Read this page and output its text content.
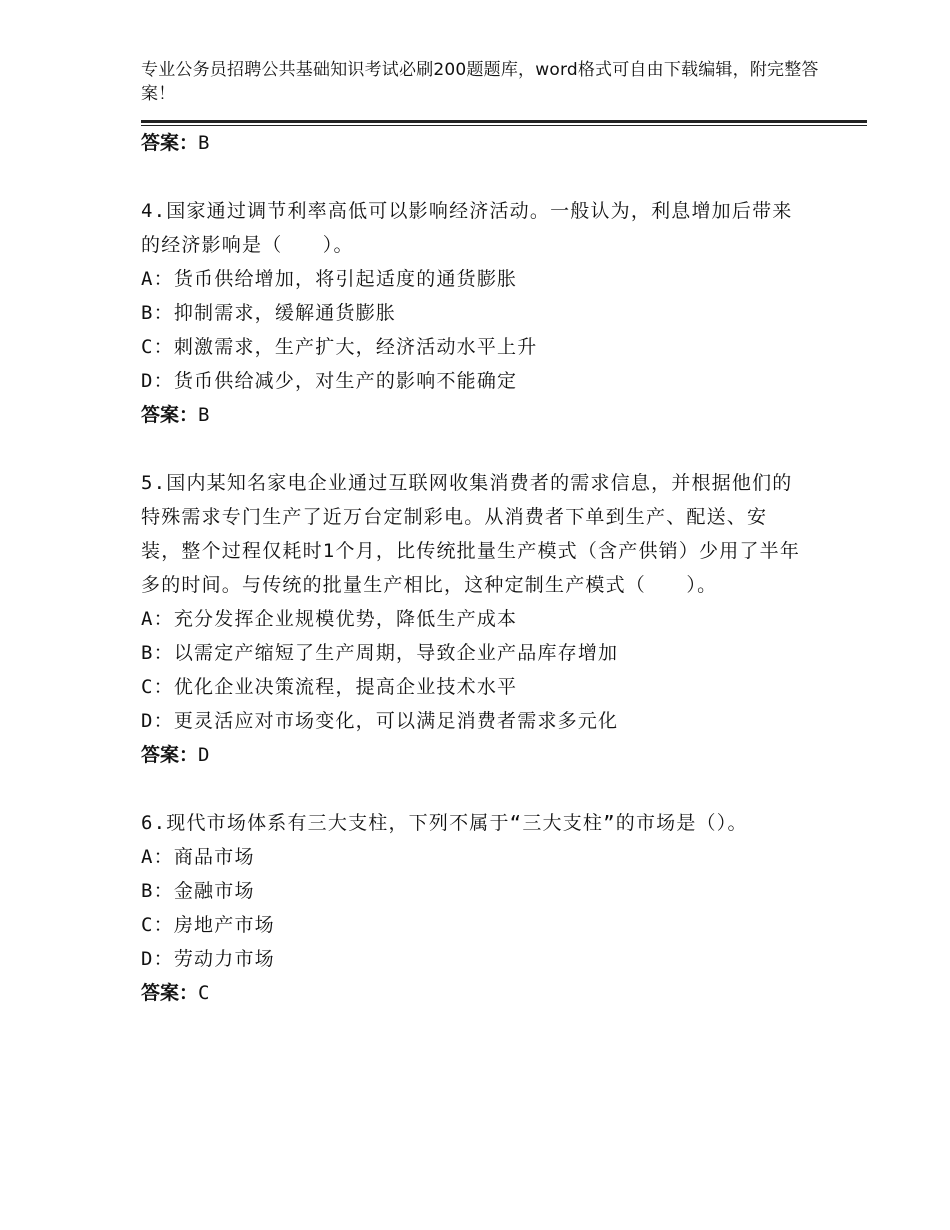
专业公务员招聘公共基础知识考试必刷200题题库，word格式可自由下载编辑，附完整答案！
答案：B

4.国家通过调节利率高低可以影响经济活动。一般认为，利息增加后带来的经济影响是（　　）。

A：货币供给增加，将引起适度的通货膨胀

B：抑制需求，缓解通货膨胀

C：刺激需求，生产扩大，经济活动水平上升

D：货币供给减少，对生产的影响不能确定

答案：B

5.国内某知名家电企业通过互联网收集消费者的需求信息，并根据他们的特殊需求专门生产了近万台定制彩电。从消费者下单到生产、配送、安装，整个过程仅耗时1个月，比传统批量生产模式（含产供销）少用了半年多的时间。与传统的批量生产相比，这种定制生产模式（　　）。

A：充分发挥企业规模优势，降低生产成本

B：以需定产缩短了生产周期，导致企业产品库存增加

C：优化企业决策流程，提高企业技术水平

D：更灵活应对市场变化，可以满足消费者需求多元化

答案：D

6.现代市场体系有三大支柱，下列不属于“三大支柱”的市场是（）。

A：商品市场

B：金融市场

C：房地产市场

D：劳动力市场

答案：C
